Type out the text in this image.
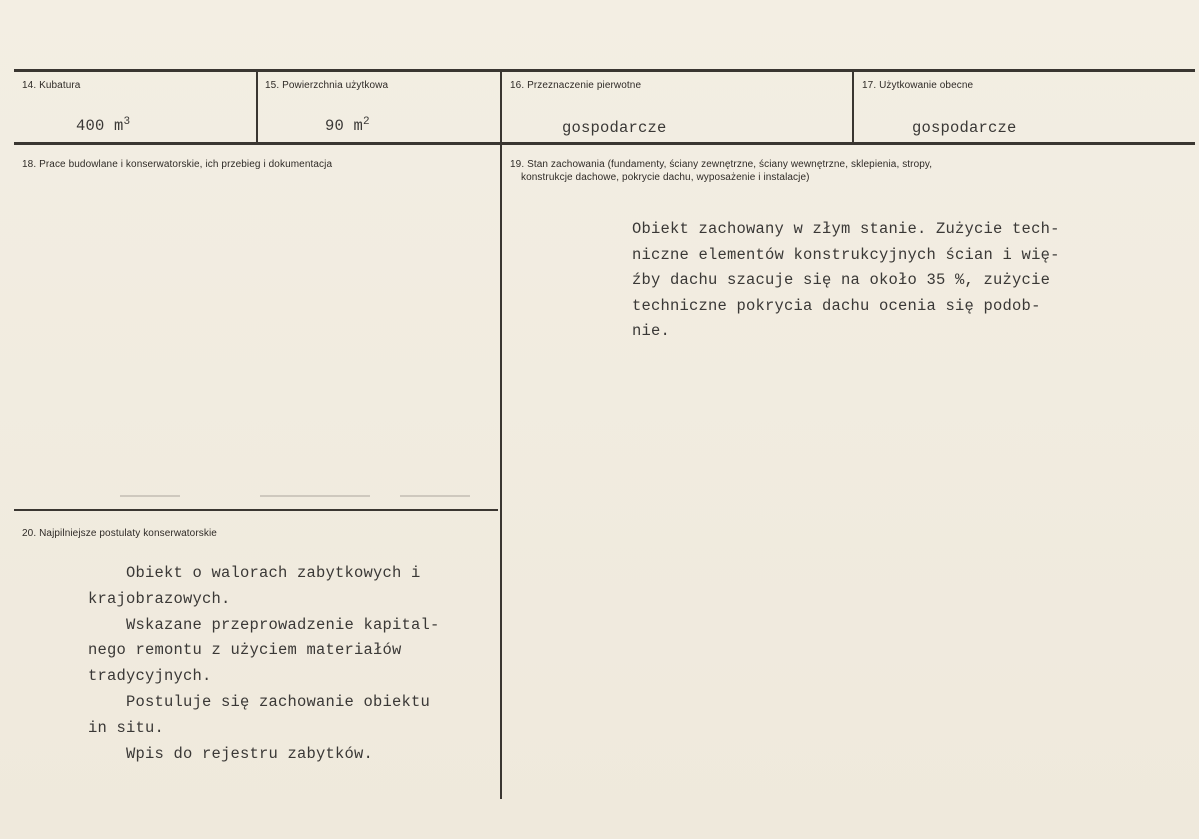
14. Kubatura
400 $m^3$
15. Powierzchnia użytkowa
90 $m^2$
16. Przeznaczenie pierwotne
gospodarcze
17. Użytkowanie obecne
gospodarcze
18. Prace budowlane i konserwatorskie, ich przebieg i dokumentacja	19. Stan zachowania (fundamenty, ściany zewnętrzne, ściany wewnętrzne, sklepienia, stropy,
konstrukcje dachowe, pokrycie dachu, wyposażenie i instalacje)
Obiekt zachowany w złym stanie. Zużycie tech-
niczne elementów konstrukcyjnych ścian i wię-
źby dachu szacuje się na około 35 %, zużycie
techniczne pokrycia dachu ocenia się podob-
nie.
20. Najpilniejsze postulaty konserwatorskie
Obiekt o walorach zabytkowych i
krajobrazowych.
Wskazane przeprowadzenie kapital-
nego remontu z użyciem materiałów
tradycyjnych.
Postuluje się zachowanie obiektu
in situ.
Wpis do rejestru zabytków.
